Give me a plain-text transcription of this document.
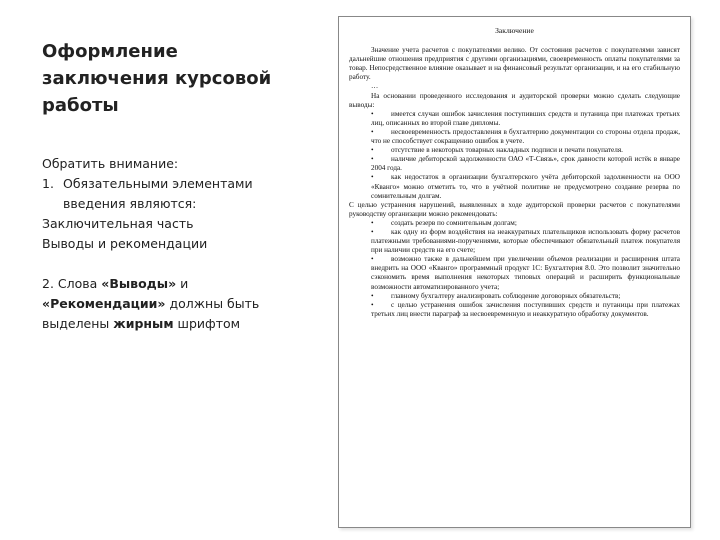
Оформление
заключения курсовой
работы

Обратить внимание:

1. Обязательными элементами введения являются:

Заключительная часть

Выводы и рекомендации

2. Слова «Выводы» и «Рекомендации» должны быть выделены жирным шрифтом

Заключение

Значение учета расчетов с покупателями велико. От состояния расчетов с покупателями зависят дальнейшие отношения предприятия с другими организациями, своевременность оплаты покупателями за товар. Непосредственное влияние оказывает и на финансовый результат организации, и на его стабильную работу.

…

На основании проведенного исследования и аудиторской проверки можно сделать следующие выводы:

• имеется случаи ошибок зачисления поступивших средств и путаница при платежах третьих лиц, описанных во второй главе дипломы.

• несвоевременность предоставления в бухгалтерию документации со стороны отдела продаж, что не способствует сокращению ошибок в учете.

• отсутствие в некоторых товарных накладных подписи и печати покупателя.

• наличие дебиторской задолженности ОАО «Т-Связь», срок давности которой истёк в январе 2004 года.

• как недостаток в организации бухгалтерского учёта дебиторской задолженности на ООО «Кванго» можно отметить то, что в учётной политике не предусмотрено создание резерва по сомнительным долгам.

С целью устранения нарушений, выявленных в ходе аудиторской проверки расчетов с покупателями руководству организации можно рекомендовать:

• создать резерв по сомнительным долгам;

• как одну из форм воздействия на неаккуратных плательщиков использовать форму расчетов платежными требованиями-поручениями, которые обеспечивают обязательный платеж покупателя при наличии средств на его счете;

• возможно также в дальнейшем при увеличении объемов реализации и расширения штата внедрить на ООО «Кванго» программный продукт 1С: Бухгалтерия 8.0. Это позволит значительно сэкономить время выполнения некоторых типовых операций и расширить функциональные возможности автоматизированного учета;

• главному бухгалтеру анализировать соблюдение договорных обязательств;

• с целью устранения ошибок зачисления поступивших средств и путаницы при платежах третьих лиц внести параграф за несвоевременную и неаккуратную обработку документов.
